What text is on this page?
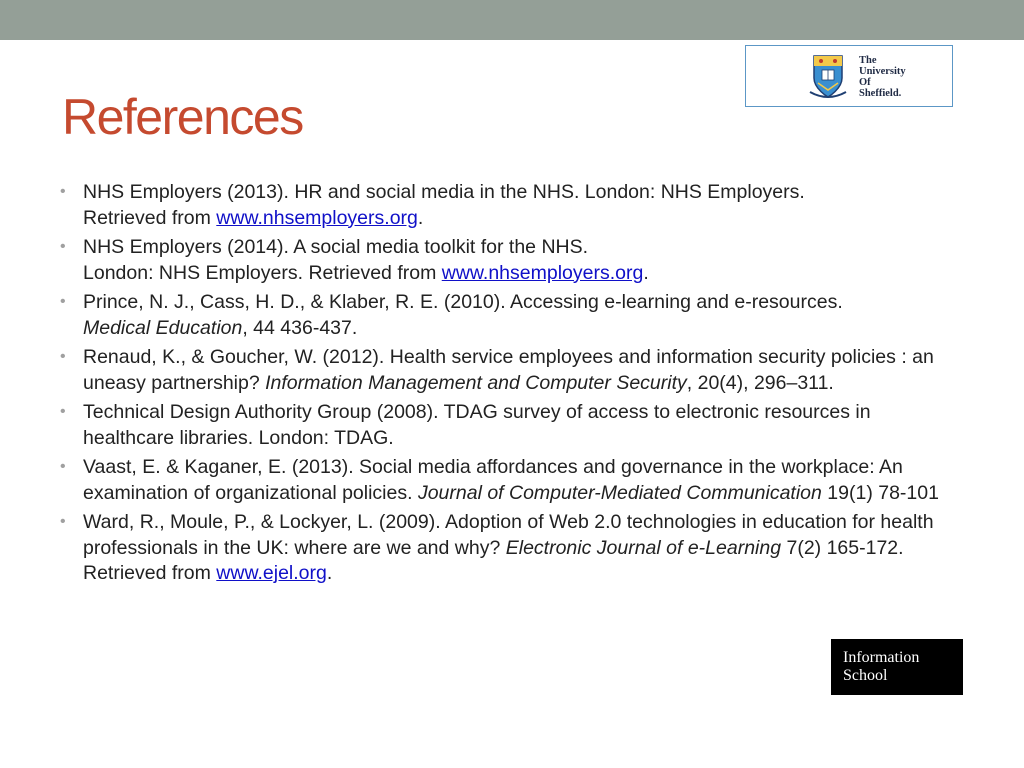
The
University
Of
Sheffield.
References
• NHS Employers (2013). HR and social media in the NHS. London: NHS Employers.
Retrieved from www.nhsemployers.org.
• NHS Employers (2014). A social media toolkit for the NHS.
London: NHS Employers. Retrieved from www.nhsemployers.org.
• Prince, N. J., Cass, H. D., & Klaber, R. E. (2010). Accessing e-learning and e-resources.
Medical Education, 44 436-437.
• Renaud, K., & Goucher, W. (2012). Health service employees and information security policies : an uneasy partnership? Information Management and Computer Security, 20(4), 296–311.
• Technical Design Authority Group (2008). TDAG survey of access to electronic resources in healthcare libraries. London: TDAG.
• Vaast, E. & Kaganer, E. (2013). Social media affordances and governance in the workplace: An examination of organizational policies. Journal of Computer-Mediated Communication 19(1) 78-101
• Ward, R., Moule, P., & Lockyer, L. (2009). Adoption of Web 2.0 technologies in education for health professionals in the UK: where are we and why? Electronic Journal of e-Learning 7(2) 165-172. Retrieved from www.ejel.org.
Information
School
